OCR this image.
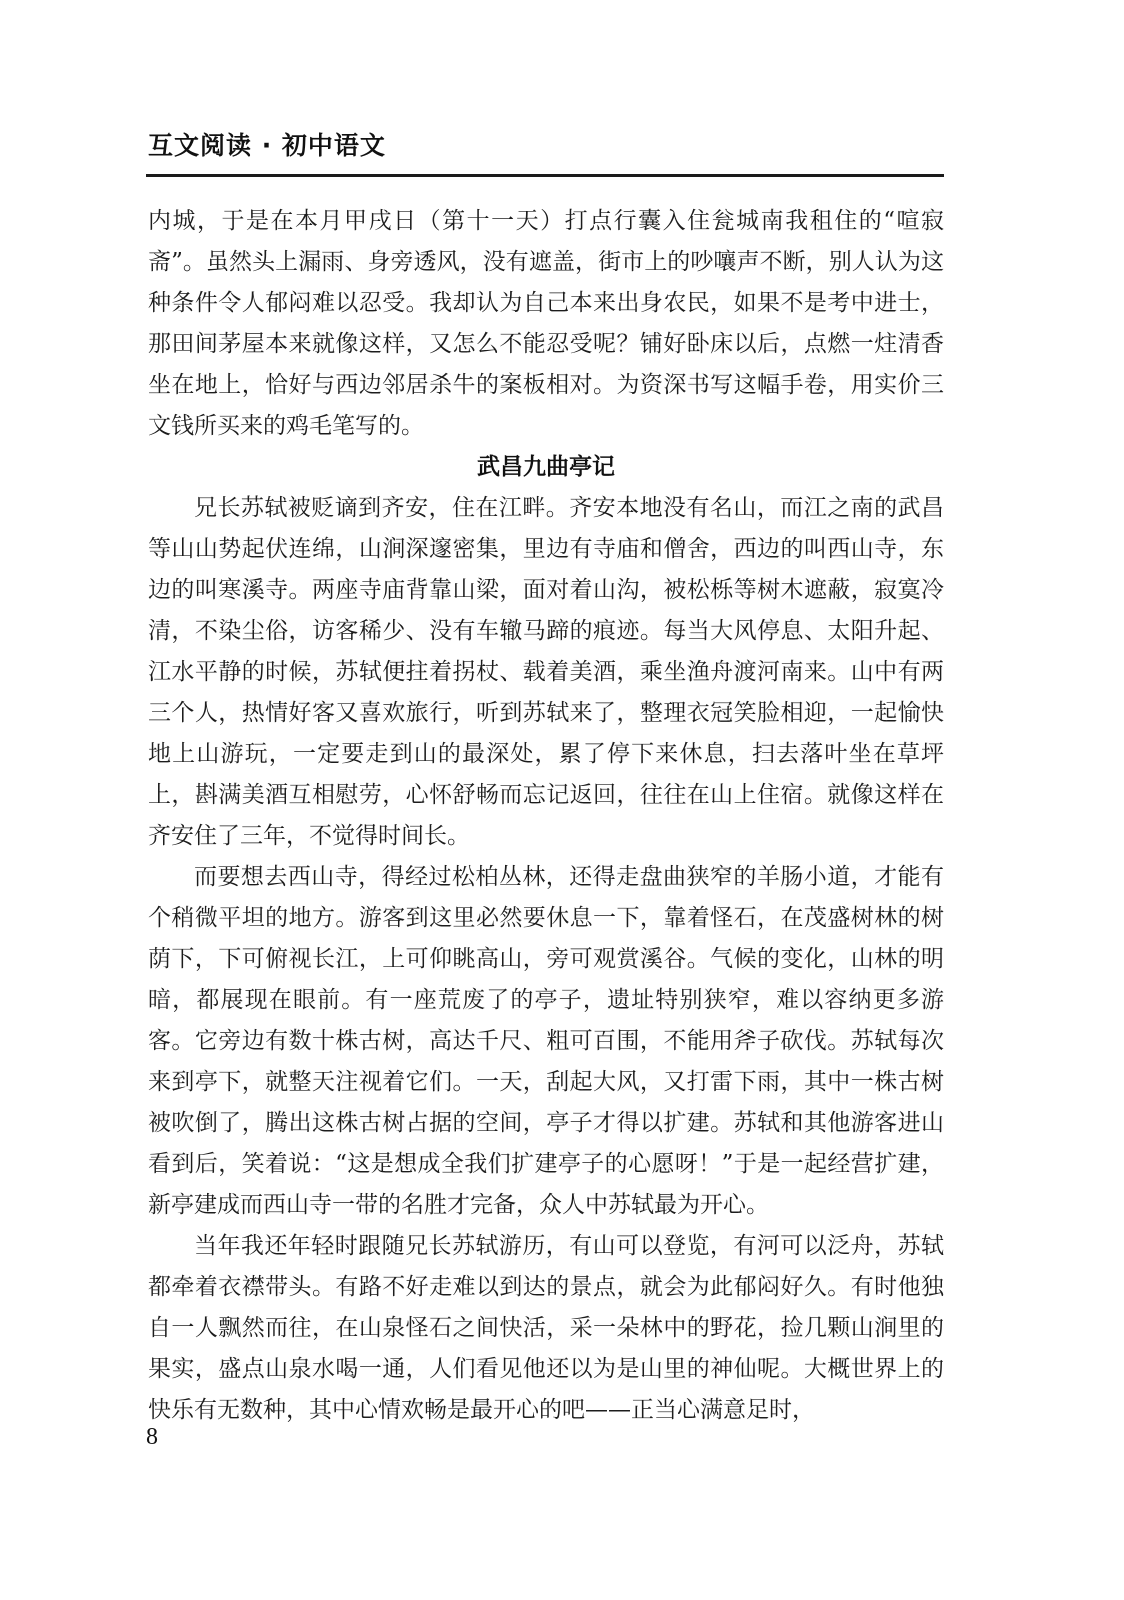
互文阅读 · 初中语文

内城，于是在本月甲戌日（第十一天）打点行囊入住瓮城南我租住的“喧寂斋”。虽然头上漏雨、身旁透风，没有遮盖，街市上的吵嚷声不断，别人认为这种条件令人郁闷难以忍受。我却认为自己本来出身农民，如果不是考中进士，那田间茅屋本来就像这样，又怎么不能忍受呢？铺好卧床以后，点燃一炷清香坐在地上，恰好与西边邻居杀牛的案板相对。为资深书写这幅手卷，用实价三文钱所买来的鸡毛笔写的。

武昌九曲亭记

兄长苏轼被贬谪到齐安，住在江畔。齐安本地没有名山，而江之南的武昌等山山势起伏连绵，山涧深邃密集，里边有寺庙和僧舍，西边的叫西山寺，东边的叫寒溪寺。两座寺庙背靠山梁，面对着山沟，被松栎等树木遮蔽，寂寞冷清，不染尘俗，访客稀少、没有车辙马蹄的痕迹。每当大风停息、太阳升起、江水平静的时候，苏轼便拄着拐杖、载着美酒，乘坐渔舟渡河南来。山中有两三个人，热情好客又喜欢旅行，听到苏轼来了，整理衣冠笑脸相迎，一起愉快地上山游玩，一定要走到山的最深处，累了停下来休息，扫去落叶坐在草坪上，斟满美酒互相慰劳，心怀舒畅而忘记返回，往往在山上住宿。就像这样在齐安住了三年，不觉得时间长。

而要想去西山寺，得经过松柏丛林，还得走盘曲狭窄的羊肠小道，才能有个稍微平坦的地方。游客到这里必然要休息一下，靠着怪石，在茂盛树林的树荫下，下可俯视长江，上可仰眺高山，旁可观赏溪谷。气候的变化，山林的明暗，都展现在眼前。有一座荒废了的亭子，遗址特别狭窄，难以容纳更多游客。它旁边有数十株古树，高达千尺、粗可百围，不能用斧子砍伐。苏轼每次来到亭下，就整天注视着它们。一天，刮起大风，又打雷下雨，其中一株古树被吹倒了，腾出这株古树占据的空间，亭子才得以扩建。苏轼和其他游客进山看到后，笑着说：“这是想成全我们扩建亭子的心愿呀！”于是一起经营扩建，新亭建成而西山寺一带的名胜才完备，众人中苏轼最为开心。

当年我还年轻时跟随兄长苏轼游历，有山可以登览，有河可以泛舟，苏轼都牵着衣襟带头。有路不好走难以到达的景点，就会为此郁闷好久。有时他独自一人飘然而往，在山泉怪石之间快活，采一朵林中的野花，捡几颗山涧里的果实，盛点山泉水喝一通，人们看见他还以为是山里的神仙呢。大概世界上的快乐有无数种，其中心情欢畅是最开心的吧——正当心满意足时，

8
